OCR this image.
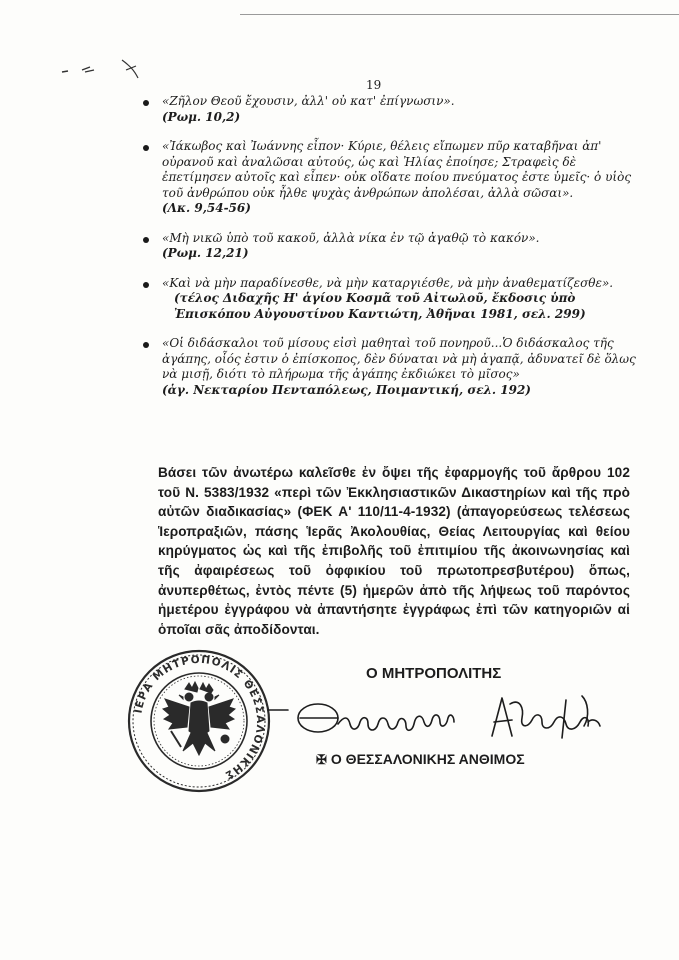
19
«Ζῆλον Θεοῦ ἔχουσιν, ἀλλ' οὐ κατ' ἐπίγνωσιν».
(Ρωμ. 10,2)
«Ἰάκωβος καὶ Ἰωάννης εἶπον· Κύριε, θέλεις εἴπωμεν πῦρ καταβῆναι ἀπ' οὐρανοῦ καὶ ἀναλῶσαι αὐτούς, ὡς καὶ Ἠλίας ἐποίησε; Στραφεὶς δὲ ἐπετίμησεν αὐτοῖς καὶ εἶπεν· οὐκ οἴδατε ποίου πνεύματος ἐστε ὑμεῖς· ὁ υἱὸς τοῦ ἀνθρώπου οὐκ ἦλθε ψυχὰς ἀνθρώπων ἀπολέσαι, ἀλλὰ σῶσαι».
(Λκ. 9,54-56)
«Μὴ νικῶ ὑπὸ τοῦ κακοῦ, ἀλλὰ νίκα ἐν τῷ ἀγαθῷ τὸ κακόν».
(Ρωμ. 12,21)
«Καὶ νὰ μὴν παραδίνεσθε, νὰ μὴν καταργιέσθε, νὰ μὴν ἀναθεματίζεσθε».
(τέλος Διδαχῆς Η' ἁγίου Κοσμᾶ τοῦ Αἰτωλοῦ, ἔκδοσις ὑπὸ Ἐπισκόπου Αὐγουστίνου Καντιώτη, Ἀθῆναι 1981, σελ. 299)
«Οἱ διδάσκαλοι τοῦ μίσους εἰσὶ μαθηταὶ τοῦ πονηροῦ...Ὁ διδάσκαλος τῆς ἀγάπης, οἷός ἐστιν ὁ ἐπίσκοπος, δὲν δύναται νὰ μὴ ἀγαπᾷ, ἀδυνατεῖ δὲ ὅλως νὰ μισῇ, διότι τὸ πλήρωμα τῆς ἀγάπης ἐκδιώκει τὸ μῖσος»
(ἁγ. Νεκταρίου Πενταπόλεως, Ποιμαντική, σελ. 192)

Βάσει τῶν ἀνωτέρω καλεῖσθε ἐν ὄψει τῆς ἐφαρμογῆς τοῦ ἄρθρου 102 τοῦ Ν. 5383/1932 «περὶ τῶν Ἐκκλησιαστικῶν Δικαστηρίων καὶ τῆς πρὸ αὐτῶν διαδικασίας» (ΦΕΚ Α' 110/11-4-1932) (ἀπαγορεύσεως τελέσεως Ἱεροπραξιῶν, πάσης Ἱερᾶς Ἀκολουθίας, Θείας Λειτουργίας καὶ θείου κηρύγματος ὡς καὶ τῆς ἐπιβολῆς τοῦ ἐπιτιμίου τῆς ἀκοινωνησίας καὶ τῆς ἀφαιρέσεως τοῦ ὀφφικίου τοῦ πρωτοπρεσβυτέρου) ὅπως, ἀνυπερθέτως, ἐντὸς πέντε (5) ἡμερῶν ἀπὸ τῆς λήψεως τοῦ παρόντος ἡμετέρου ἐγγράφου νὰ ἀπαντήσητε ἐγγράφως ἐπὶ τῶν κατηγοριῶν αἱ ὁποῖαι σᾶς ἀποδίδονται.

Ο ΜΗΤΡΟΠΟΛΙΤΗΣ
ΙΕΡΑ ΜΗΤΡΟΠΟΛΙΣ ΘΕΣΣΑΛΟΝΙΚΗΣ
✠ Ο ΘΕΣΣΑΛΟΝΙΚΗΣ ΑΝΘΙΜΟΣ
